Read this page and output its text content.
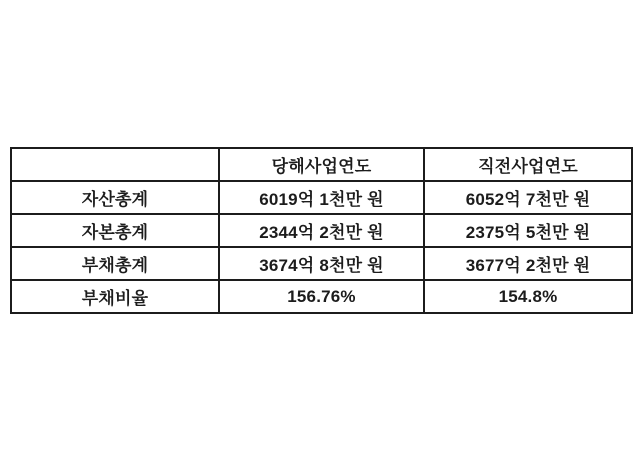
	당해사업연도	직전사업연도
자산총계	6019억 1천만 원	6052억 7천만 원
자본총계	2344억 2천만 원	2375억 5천만 원
부채총계	3674억 8천만 원	3677억 2천만 원
부채비율	156.76%	154.8%
